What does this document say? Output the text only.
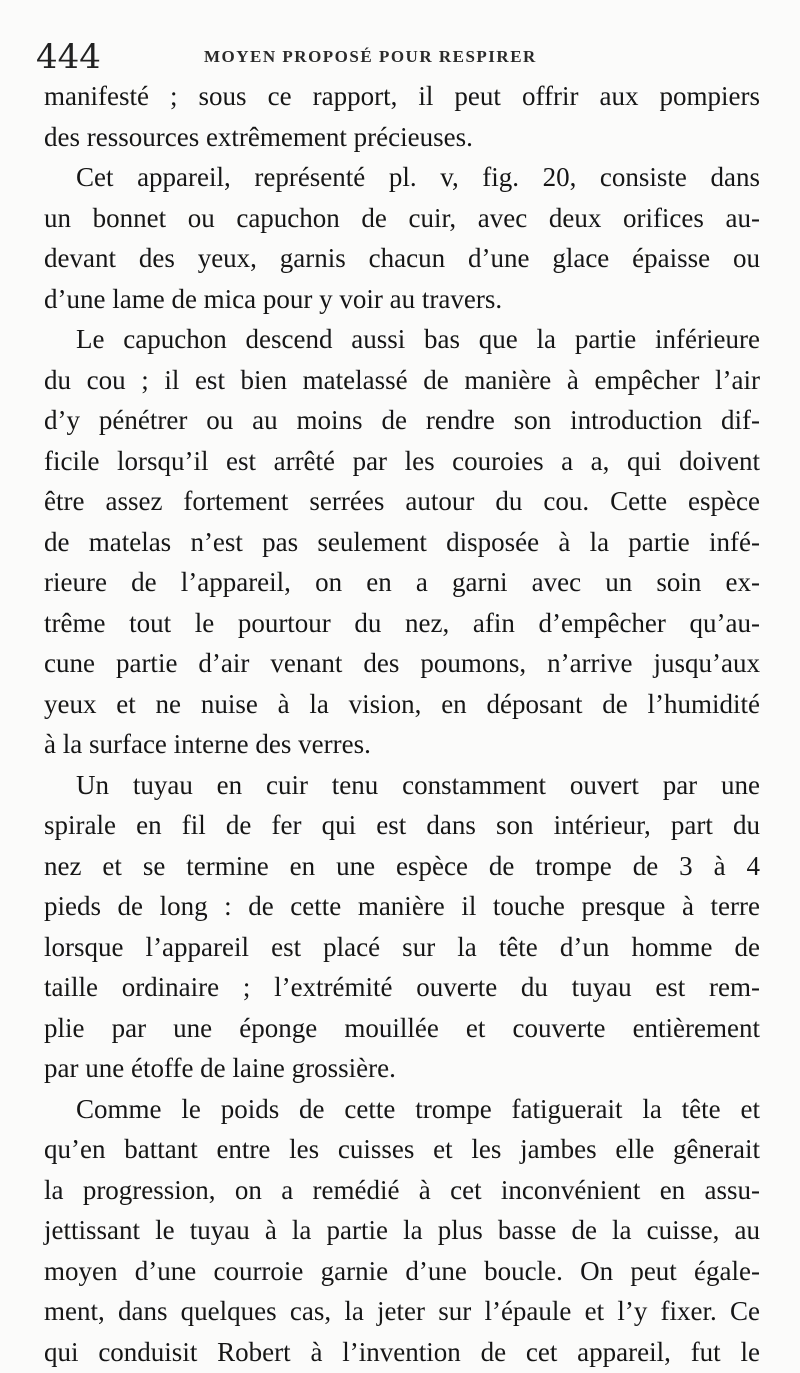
444	MOYEN PROPOSÉ POUR RESPIRER
manifesté ; sous ce rapport, il peut offrir aux pompiers
des ressources extrêmement précieuses.
Cet appareil, représenté pl. v, fig. 20, consiste dans
un bonnet ou capuchon de cuir, avec deux orifices au-
devant des yeux, garnis chacun d’une glace épaisse ou
d’une lame de mica pour y voir au travers.
Le capuchon descend aussi bas que la partie inférieure
du cou ; il est bien matelassé de manière à empêcher l’air
d’y pénétrer ou au moins de rendre son introduction dif-
ficile lorsqu’il est arrêté par les couroies a a, qui doivent
être assez fortement serrées autour du cou. Cette espèce
de matelas n’est pas seulement disposée à la partie infé-
rieure de l’appareil, on en a garni avec un soin ex-
trême tout le pourtour du nez, afin d’empêcher qu’au-
cune partie d’air venant des poumons, n’arrive jusqu’aux
yeux et ne nuise à la vision, en déposant de l’humidité
à la surface interne des verres.
Un tuyau en cuir tenu constamment ouvert par une
spirale en fil de fer qui est dans son intérieur, part du
nez et se termine en une espèce de trompe de 3 à 4
pieds de long : de cette manière il touche presque à terre
lorsque l’appareil est placé sur la tête d’un homme de
taille ordinaire ; l’extrémité ouverte du tuyau est rem-
plie par une éponge mouillée et couverte entièrement
par une étoffe de laine grossière.
Comme le poids de cette trompe fatiguerait la tête et
qu’en battant entre les cuisses et les jambes elle gênerait
la progression, on a remédié à cet inconvénient en assu-
jettissant le tuyau à la partie la plus basse de la cuisse, au
moyen d’une courroie garnie d’une boucle. On peut égale-
ment, dans quelques cas, la jeter sur l’épaule et l’y fixer. Ce
qui conduisit Robert à l’invention de cet appareil, fut le
